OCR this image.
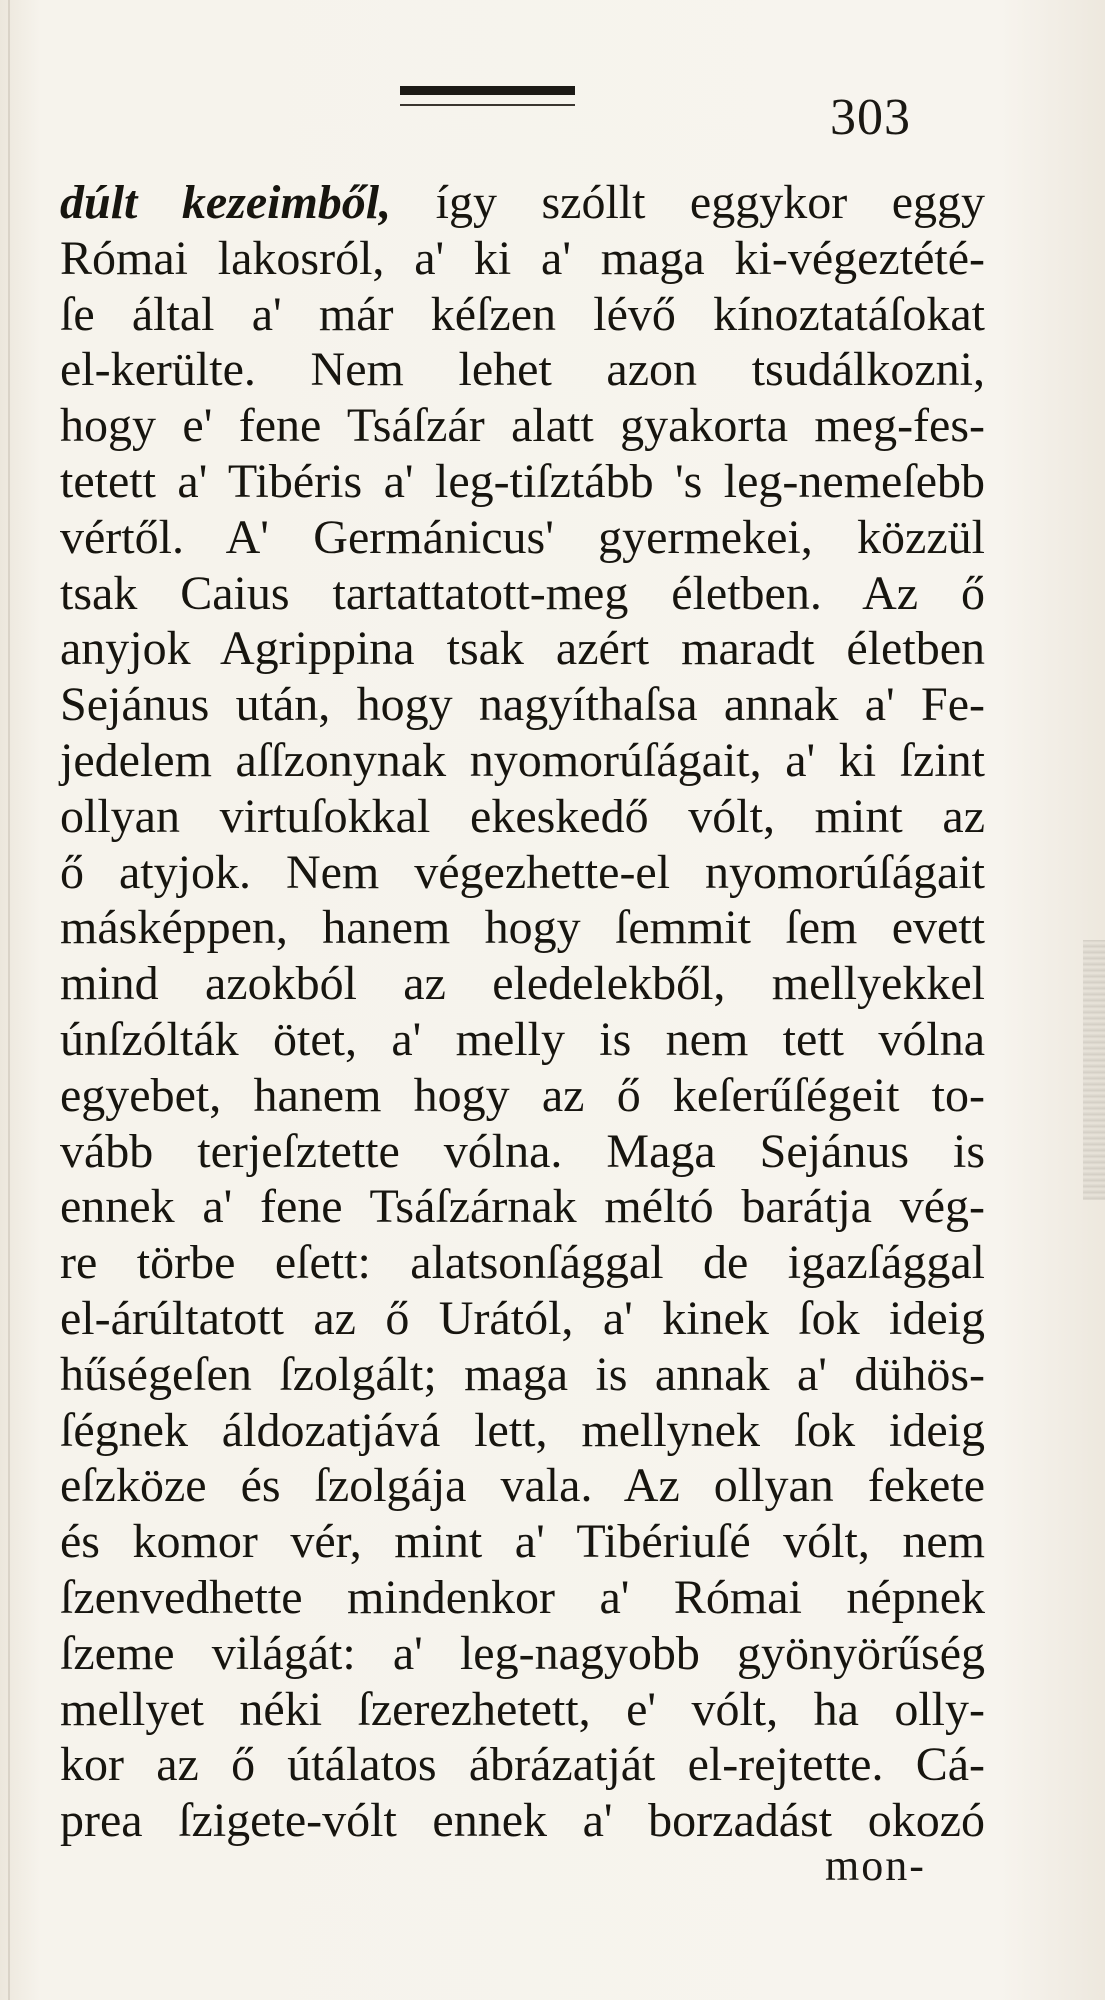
303
dúlt kezeimből, így szóllt eggykor eggy
Római lakosról, a' ki a' maga ki-végeztété-
ſe által a' már kéſzen lévő kínoztatáſokat
el-kerülte. Nem lehet azon tsudálkozni,
hogy e' fene Tsáſzár alatt gyakorta meg-fes-
tetett a' Tibéris a' leg-tiſztább 's leg-nemeſebb
vértől. A' Germánicus' gyermekei, közzül
tsak Caius tartattatott-meg életben. Az ő
anyjok Agrippina tsak azért maradt életben
Sejánus után, hogy nagyíthaſsa annak a' Fe-
jedelem aſſzonynak nyomorúſágait, a' ki ſzint
ollyan virtuſokkal ekeskedő vólt, mint az
ő atyjok. Nem végezhette-el nyomorúſágait
másképpen, hanem hogy ſemmit ſem evett
mind azokból az eledelekből, mellyekkel
únſzólták ötet, a' melly is nem tett vólna
egyebet, hanem hogy az ő keſerűſégeit to-
vább terjeſztette vólna. Maga Sejánus is
ennek a' fene Tsáſzárnak méltó barátja vég-
re törbe eſett: alatsonſággal de igazſággal
el-árúltatott az ő Urától, a' kinek ſok ideig
hűségeſen ſzolgált; maga is annak a' dühös-
ſégnek áldozatjává lett, mellynek ſok ideig
eſzköze és ſzolgája vala. Az ollyan fekete
és komor vér, mint a' Tibériuſé vólt, nem
ſzenvedhette mindenkor a' Római népnek
ſzeme világát: a' leg-nagyobb gyönyörűség
mellyet néki ſzerezhetett, e' vólt, ha olly-
kor az ő útálatos ábrázatját el-rejtette. Cá-
prea ſzigete-vólt ennek a' borzadást okozó
mon-
